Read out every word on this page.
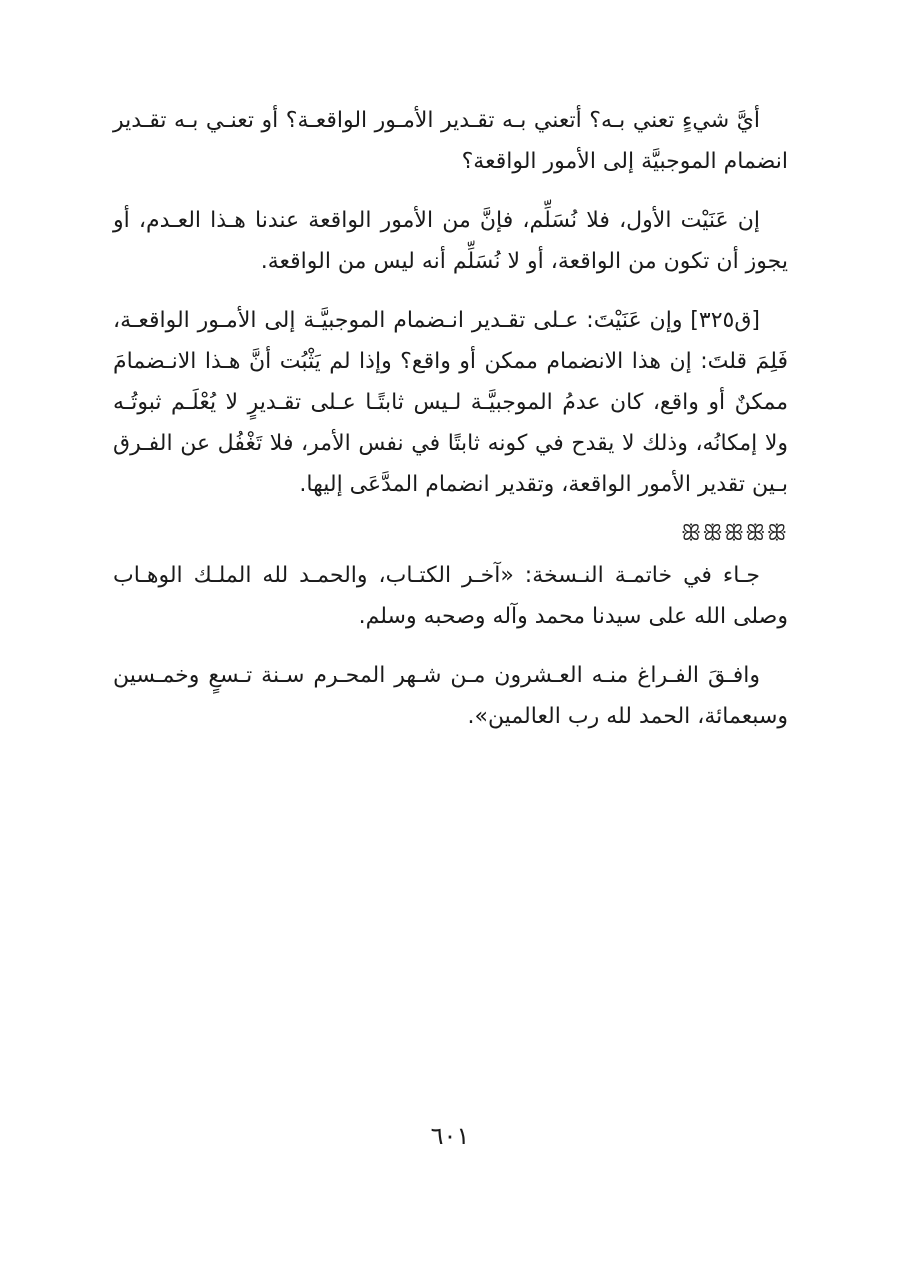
أيَّ شيءٍ تعني بـه؟ أتعني بـه تقـدير الأمـور الواقعـة؟ أو تعنـي بـه تقـدير انضمام الموجبيَّة إلى الأمور الواقعة؟

إن عَنَيْت الأول، فلا نُسَلِّم، فإنَّ من الأمور الواقعة عندنا هـذا العـدم، أو يجوز أن تكون من الواقعة، أو لا نُسَلِّم أنه ليس من الواقعة.

[ق٣٢٥] وإن عَنَيْتَ: عـلى تقـدير انـضمام الموجبيَّـة إلى الأمـور الواقعـة، فَلِمَ قلتَ: إن هذا الانضمام ممكن أو واقع؟ وإذا لم يَثْبُت أنَّ هـذا الانـضمامَ ممكنٌ أو واقع، كان عدمُ الموجبيَّـة لـيس ثابتًـا عـلى تقـديرٍ لا يُعْلَـم ثبوتُـه ولا إمكانُه، وذلك لا يقدح في كونه ثابتًا في نفس الأمر، فلا تَغْفُل عن الفـرق بـين تقدير الأمور الواقعة، وتقدير انضمام المدَّعَى إليها.

ꕥꕥꕥꕥꕥ

جـاء في خاتمـة النـسخة: «آخـر الكتـاب، والحمـد لله الملـك الوهـاب وصلى الله على سيدنا محمد وآله وصحبه وسلم.

وافـقَ الفـراغ منـه العـشرون مـن شـهر المحـرم سـنة تـسعٍ وخمـسين وسبعمائة، الحمد لله رب العالمين».

٦٠١
